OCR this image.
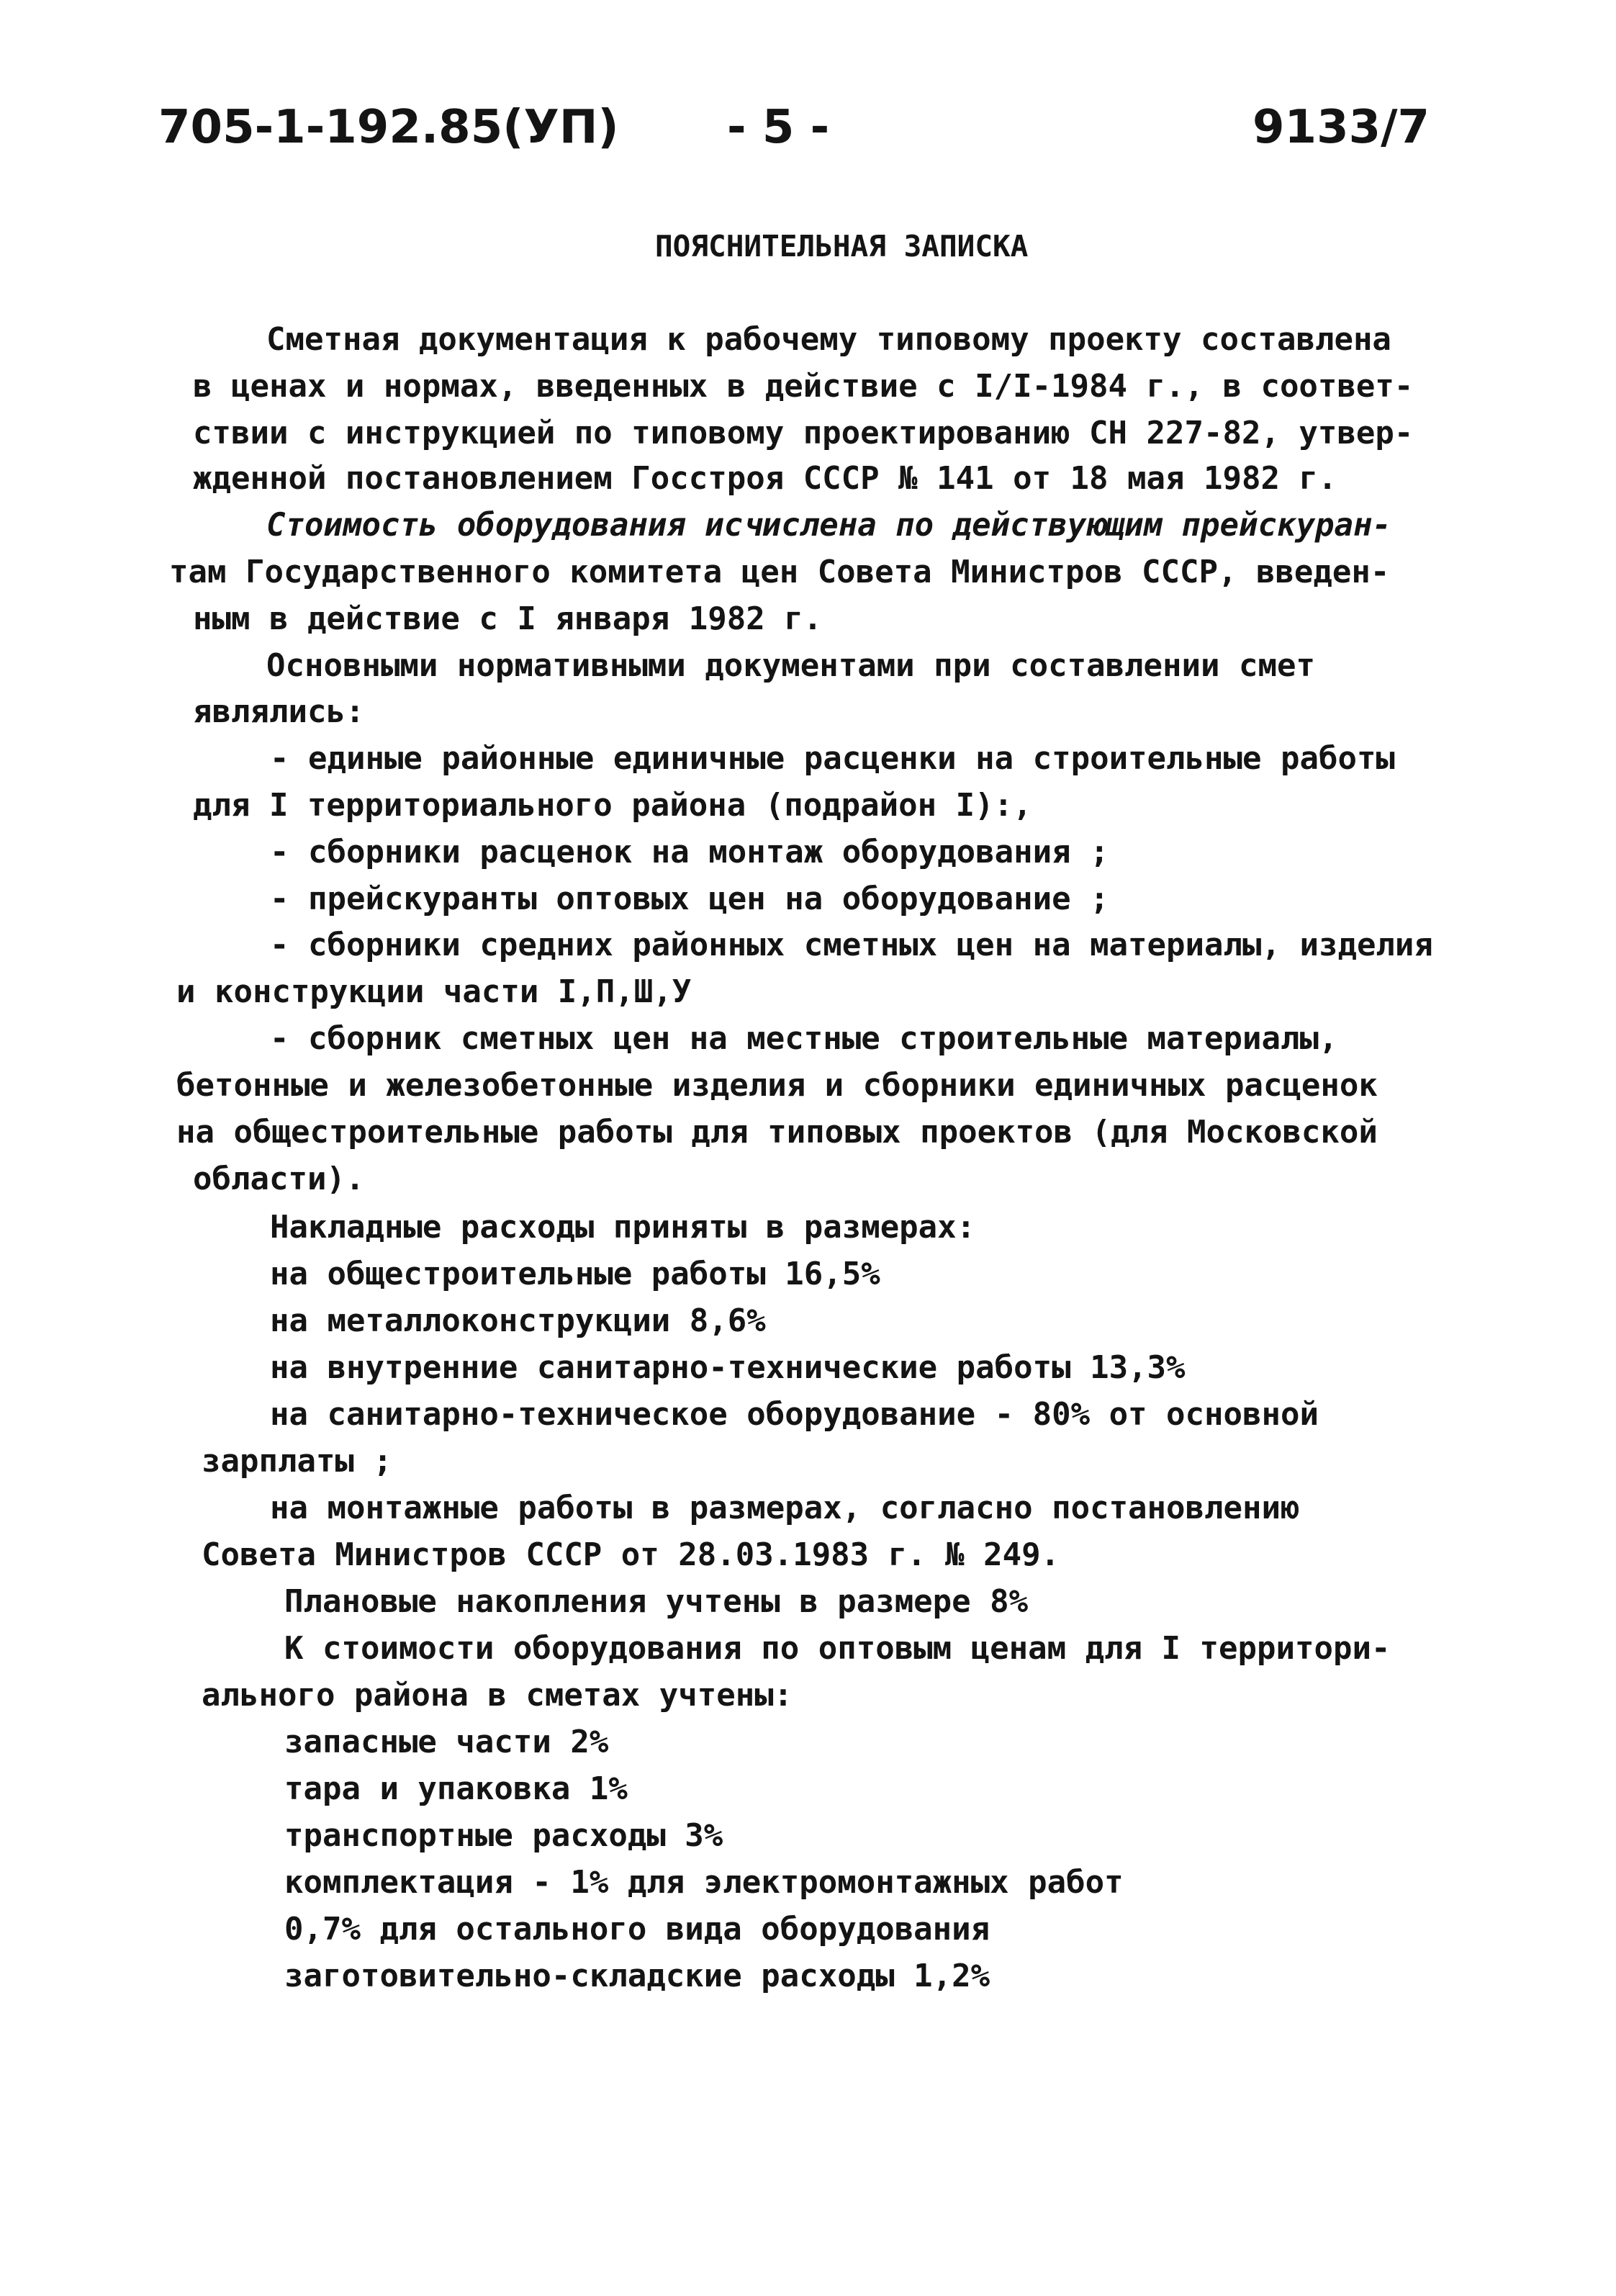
705-1-192.85(УП) - 5 -	9133/7
ПОЯСНИТЕЛЬНАЯ ЗАПИСКА
Сметная документация к рабочему типовому проекту составлена
в ценах и нормах, введенных в действие с I/I-1984 г., в соответ-
ствии с инструкцией по типовому проектированию СН 227-82, утвер-
жденной постановлением Госстроя СССР № 141 от 18 мая 1982 г.
Стоимость оборудования исчислена по действующим прейскуран-
там Государственного комитета цен Совета Министров СССР, введен-
ным в действие с I января 1982 г.
Основными нормативными документами при составлении смет
являлись:
- единые районные единичные расценки на строительные работы
для I территориального района (подрайон I):,
- сборники расценок на монтаж оборудования ;
- прейскуранты оптовых цен на оборудование ;
- сборники средних районных сметных цен на материалы, изделия
и конструкции части I,П,Ш,У
- сборник сметных цен на местные строительные материалы,
бетонные и железобетонные изделия и сборники единичных расценок
на общестроительные работы для типовых проектов (для Московской
области).
Накладные расходы приняты в размерах:
на общестроительные работы 16,5%
на металлоконструкции 8,6%
на внутренние санитарно-технические работы 13,3%
на санитарно-техническое оборудование - 80% от основной
зарплаты ;
на монтажные работы в размерах, согласно постановлению
Совета Министров СССР от 28.03.1983 г. № 249.
Плановые накопления учтены в размере 8%
К стоимости оборудования по оптовым ценам для I территори-
ального района в сметах учтены:
запасные части 2%
тара и упаковка 1%
транспортные расходы 3%
комплектация - 1% для электромонтажных работ
0,7% для остального вида оборудования
заготовительно-складские расходы 1,2%
